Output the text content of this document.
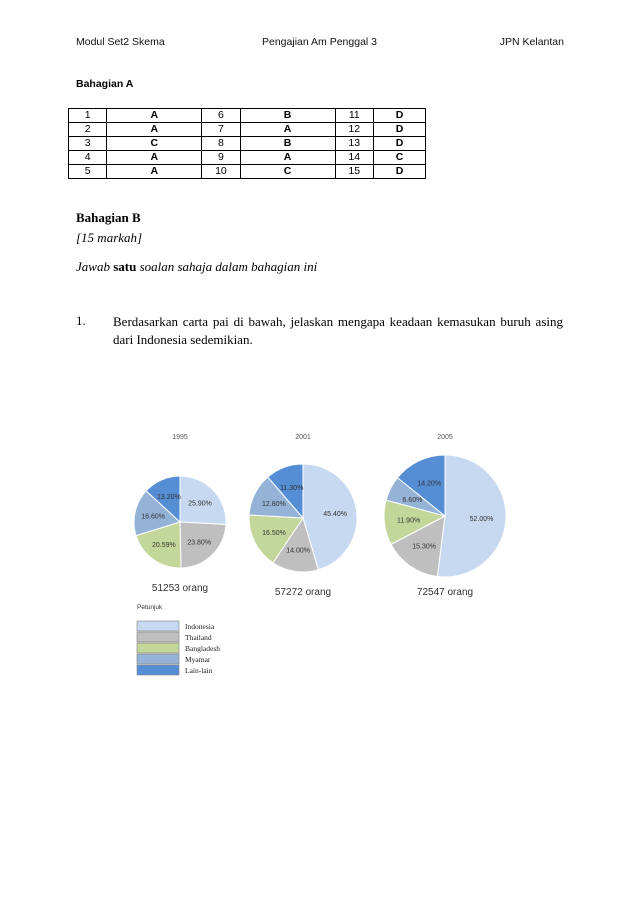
Modul Set2 Skema	Pengajian Am Penggal 3	JPN Kelantan
Bahagian A
1	A	6	B	11	D
2	A	7	A	12	D
3	C	8	B	13	D
4	A	9	A	14	C
5	A	10	C	15	D
Bahagian B
[15 markah]
Jawab satu soalan sahaja dalam bahagian ini
1. Berdasarkan carta pai di bawah, jelaskan mengapa keadaan kemasukan buruh asing dari Indonesia sedemikian.
25.90%
23.80%
20.59%
16.60%
13.20%
1995
51253 orang
45.40%
14.00%
16.50%
12.80%
11.30%
2001
57272 orang
52.00%
15.30%
11.90%
6.60%
14.20%
2005
72547 orang
Petunjuk
Indonesia
Thailand
Bangladesh
Myamar
Lain-lain
